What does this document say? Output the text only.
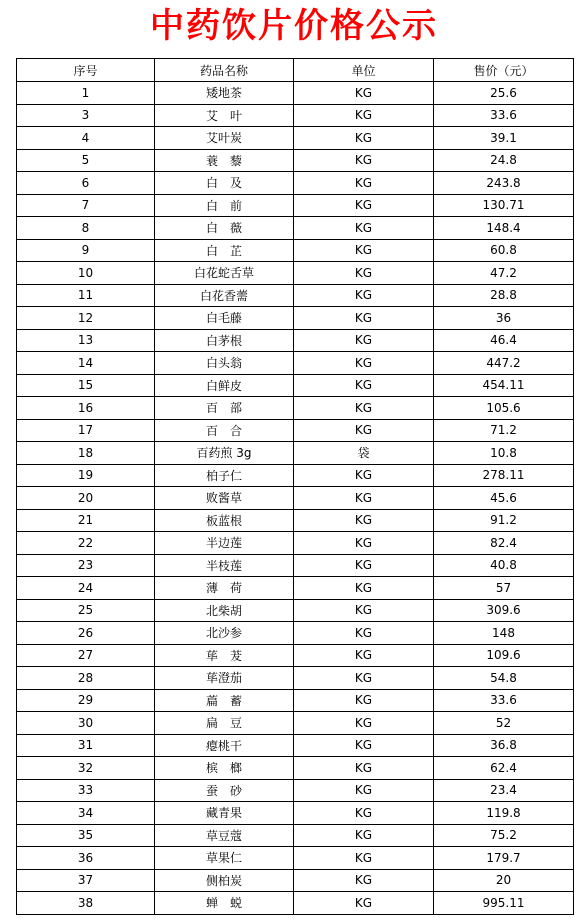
中药饮片价格公示
序号	药品名称	单位	售价（元）
1	矮地茶	KG	25.6
3	艾　叶	KG	33.6
4	艾叶炭	KG	39.1
5	蓑　藜	KG	24.8
6	白　及	KG	243.8
7	白　前	KG	130.71
8	白　薇	KG	148.4
9	白　芷	KG	60.8
10	白花蛇舌草	KG	47.2
11	白花香薷	KG	28.8
12	白毛藤	KG	36
13	白茅根	KG	46.4
14	白头翁	KG	447.2
15	白鲜皮	KG	454.11
16	百　部	KG	105.6
17	百　合	KG	71.2
18	百药煎 3g	袋	10.8
19	柏子仁	KG	278.11
20	败酱草	KG	45.6
21	板蓝根	KG	91.2
22	半边莲	KG	82.4
23	半枝莲	KG	40.8
24	薄　荷	KG	57
25	北柴胡	KG	309.6
26	北沙参	KG	148
27	荜　茇	KG	109.6
28	荜澄茄	KG	54.8
29	萹　蓄	KG	33.6
30	扁　豆	KG	52
31	瘪桃干	KG	36.8
32	槟　榔	KG	62.4
33	蚕　砂	KG	23.4
34	藏青果	KG	119.8
35	草豆蔻	KG	75.2
36	草果仁	KG	179.7
37	侧柏炭	KG	20
38	蝉　蜕	KG	995.11
